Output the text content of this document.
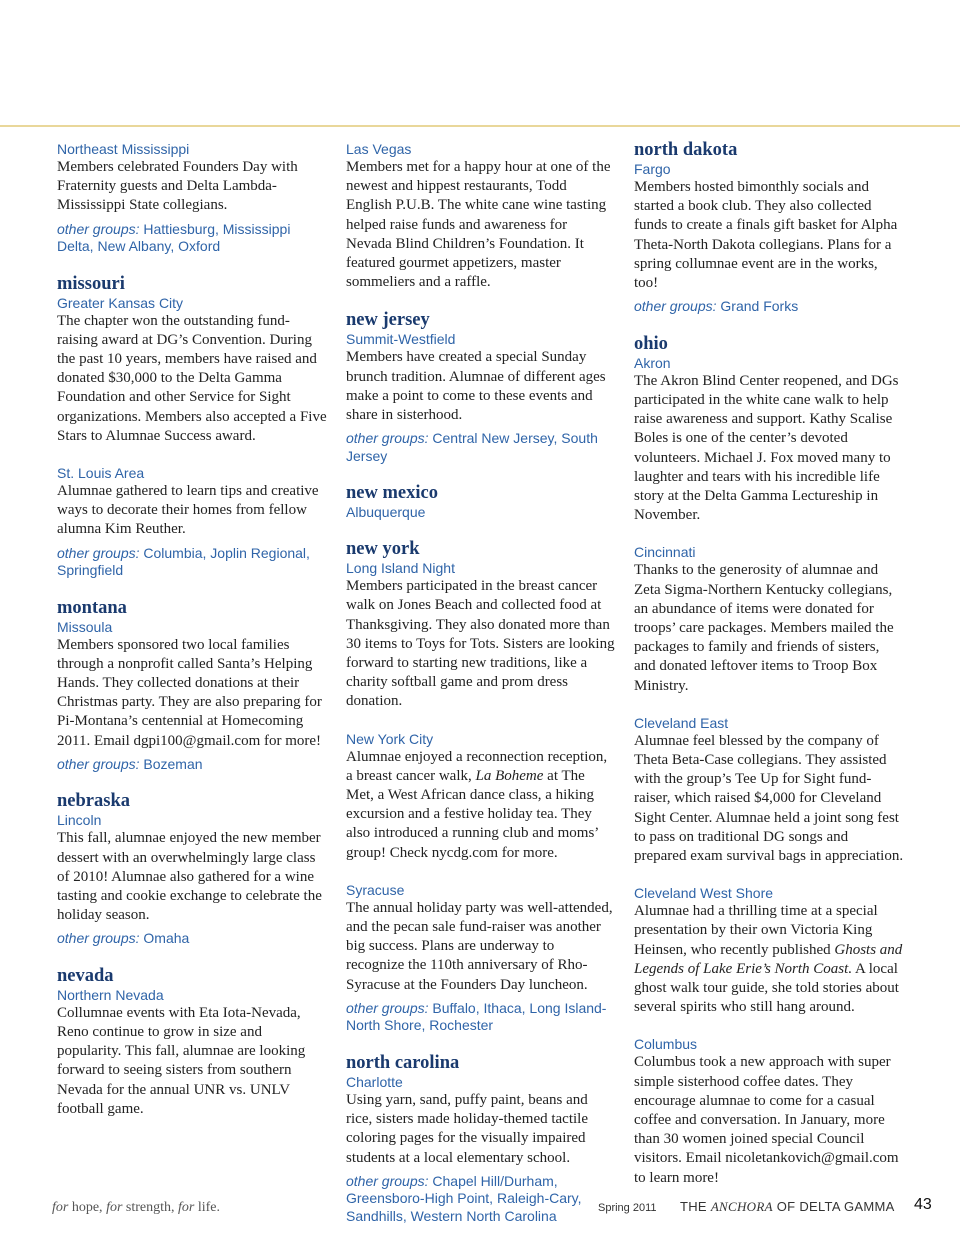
Northeast Mississippi

Members celebrated Founders Day with Fraternity guests and Delta Lambda-Mississippi State collegians.

other groups: Hattiesburg, Mississippi Delta, New Albany, Oxford

missouri

Greater Kansas City

The chapter won the outstanding fund-raising award at DG’s Convention. During the past 10 years, members have raised and donated $30,000 to the Delta Gamma Foundation and other Service for Sight organizations. Members also accepted a Five Stars to Alumnae Success award.

St. Louis Area

Alumnae gathered to learn tips and creative ways to decorate their homes from fellow alumna Kim Reuther.

other groups: Columbia, Joplin Regional, Springfield

montana

Missoula

Members sponsored two local families through a nonprofit called Santa’s Helping Hands. They collected donations at their Christmas party. They are also preparing for Pi-Montana’s centennial at Homecoming 2011. Email dgpi100@gmail.com for more!

other groups: Bozeman

nebraska

Lincoln

This fall, alumnae enjoyed the new member dessert with an overwhelmingly large class of 2010! Alumnae also gathered for a wine tasting and cookie exchange to celebrate the holiday season.

other groups: Omaha

nevada

Northern Nevada

Collumnae events with Eta Iota-Nevada, Reno continue to grow in size and popularity. This fall, alumnae are looking forward to seeing sisters from southern Nevada for the annual UNR vs. UNLV football game.

Las Vegas

Members met for a happy hour at one of the newest and hippest restaurants, Todd English P.U.B. The white cane wine tasting helped raise funds and awareness for Nevada Blind Children’s Foundation. It featured gourmet appetizers, master sommeliers and a raffle.

new jersey

Summit-Westfield

Members have created a special Sunday brunch tradition. Alumnae of different ages make a point to come to these events and share in sisterhood.

other groups: Central New Jersey, South Jersey

new mexico

Albuquerque

new york

Long Island Night

Members participated in the breast cancer walk on Jones Beach and collected food at Thanksgiving. They also donated more than 30 items to Toys for Tots. Sisters are looking forward to starting new traditions, like a charity softball game and prom dress donation.

New York City

Alumnae enjoyed a reconnection reception, a breast cancer walk, La Boheme at The Met, a West African dance class, a hiking excursion and a festive holiday tea. They also introduced a running club and moms’ group! Check nycdg.com for more.

Syracuse

The annual holiday party was well-attended, and the pecan sale fund-raiser was another big success. Plans are underway to recognize the 110th anniversary of Rho-Syracuse at the Founders Day luncheon.

other groups: Buffalo, Ithaca, Long Island-North Shore, Rochester

north carolina

Charlotte

Using yarn, sand, puffy paint, beans and rice, sisters made holiday-themed tactile coloring pages for the visually impaired students at a local elementary school.

other groups: Chapel Hill/Durham, Greensboro-High Point, Raleigh-Cary, Sandhills, Western North Carolina

north dakota

Fargo

Members hosted bimonthly socials and started a book club. They also collected funds to create a finals gift basket for Alpha Theta-North Dakota collegians. Plans for a spring collumnae event are in the works, too!

other groups: Grand Forks

ohio

Akron

The Akron Blind Center reopened, and DGs participated in the white cane walk to help raise awareness and support. Kathy Scalise Boles is one of the center’s devoted volunteers. Michael J. Fox moved many to laughter and tears with his incredible life story at the Delta Gamma Lectureship in November.

Cincinnati

Thanks to the generosity of alumnae and Zeta Sigma-Northern Kentucky collegians, an abundance of items were donated for troops’ care packages. Members mailed the packages to family and friends of sisters, and donated leftover items to Troop Box Ministry.

Cleveland East

Alumnae feel blessed by the company of Theta Beta-Case collegians. They assisted with the group’s Tee Up for Sight fund-raiser, which raised $4,000 for Cleveland Sight Center. Alumnae held a joint song fest to pass on traditional DG songs and prepared exam survival bags in appreciation.

Cleveland West Shore

Alumnae had a thrilling time at a special presentation by their own Victoria King Heinsen, who recently published Ghosts and Legends of Lake Erie’s North Coast. A local ghost walk tour guide, she told stories about several spirits who still hang around.

Columbus

Columbus took a new approach with super simple sisterhood coffee dates. They encourage alumnae to come for a casual coffee and conversation. In January, more than 30 women joined special Council visitors. Email nicoletankovich@gmail.com to learn more!

for hope, for strength, for life.	Spring 2011 THE ANCHORA OF DELTA GAMMA 43
